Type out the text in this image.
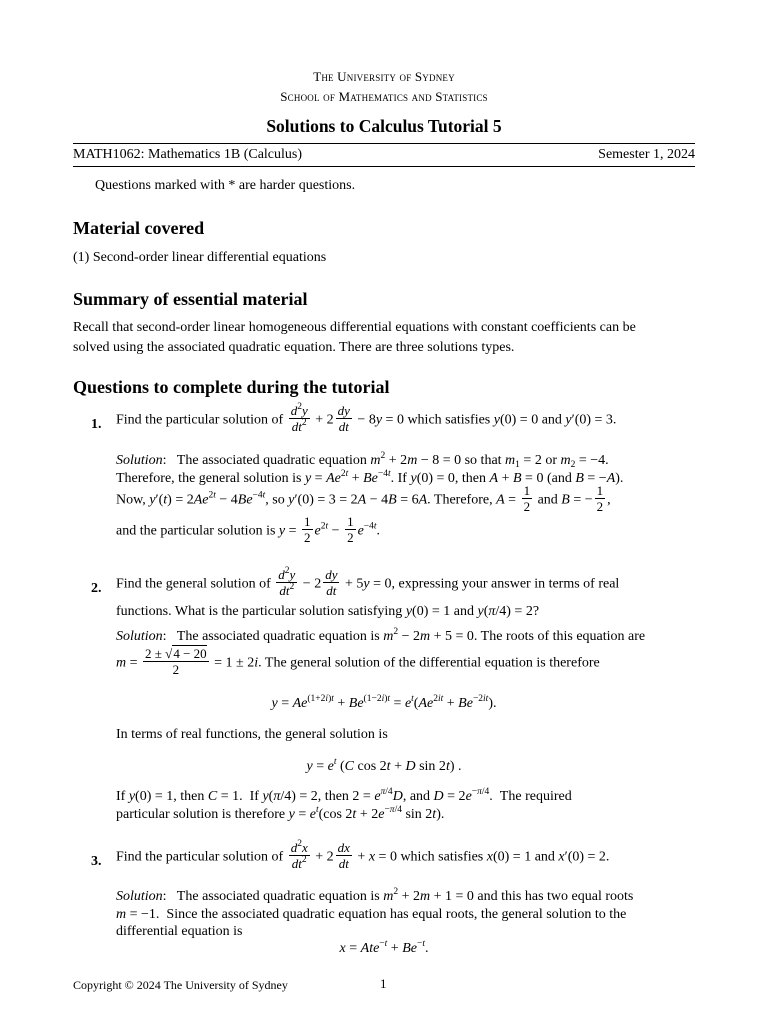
The University of Sydney
School of Mathematics and Statistics
Solutions to Calculus Tutorial 5
MATH1062: Mathematics 1B (Calculus)	Semester 1, 2024
Questions marked with * are harder questions.
Material covered
(1) Second-order linear differential equations
Summary of essential material
Recall that second-order linear homogeneous differential equations with constant coefficients can be
solved using the associated quadratic equation. There are three solutions types.
Questions to complete during the tutorial
1. Find the particular solution of $\frac{d^2y}{dt^2} + 2 \frac{dy}{dt} - 8y = 0$ which satisfies y(0) = 0 and y′(0) = 3.
Solution:   The associated quadratic equation $m^2 + 2m - 8 = 0$ so that $m_1 = 2$ or $m_2 = -4$.
Therefore, the general solution is $y = Ae^{2t} + Be^{-4t}$. If y(0) = 0, then A + B = 0 (and B = −A).
Now, $y'(t) = 2Ae^{2t} - 4Be^{-4t}$, so y′(0) = 3 = 2A − 4B = 6A. Therefore, $A = \frac{1}{2}$ and B = − $\frac{1}{2}$ ,
and the particular solution is $y = \frac{1}{2} e^{2t} - \frac{1}{2} e^{-4t}$.
2. Find the general solution of $\frac{d^2y}{dt^2} - 2 \frac{dy}{dt} + 5y = 0$, expressing your answer in terms of real
functions. What is the particular solution satisfying y(0) = 1 and y(π/4) = 2?
Solution:   The associated quadratic equation is $m^2 - 2m + 5 = 0$. The roots of this equation are
$m = \frac{2 \pm √4 - 20}{2} = 1 \pm 2i$. The general solution of the differential equation is therefore
$y = Ae^{(1+2i)t} + Be^{(1-2i)t} = e^t(Ae^{2it} + Be^{-2it})$.
In terms of real functions, the general solution is
$y = e^t$ (C cos 2t + D sin 2t) .
If y(0) = 1, then C = 1.  If y(π/4) = 2, then $2 = e^{\pi/4}D$, and $D = 2e^{-\pi/4}$.  The required
particular solution is therefore $y = e^t(\cos$ $2t + 2e^{-\pi/4}$ sin 2t).
3. Find the particular solution of $\frac{d^2x}{dt^2} + 2 \frac{dx}{dt} + x = 0$ which satisfies x(0) = 1 and x′(0) = 2.
Solution:   The associated quadratic equation is $m^2 + 2m + 1 = 0$ and this has two equal roots
m = −1.  Since the associated quadratic equation has equal roots, the general solution to the
differential equation is
$x = Ate^{-t} + Be^{-t}$.
Copyright © 2024 The University of Sydney	1
